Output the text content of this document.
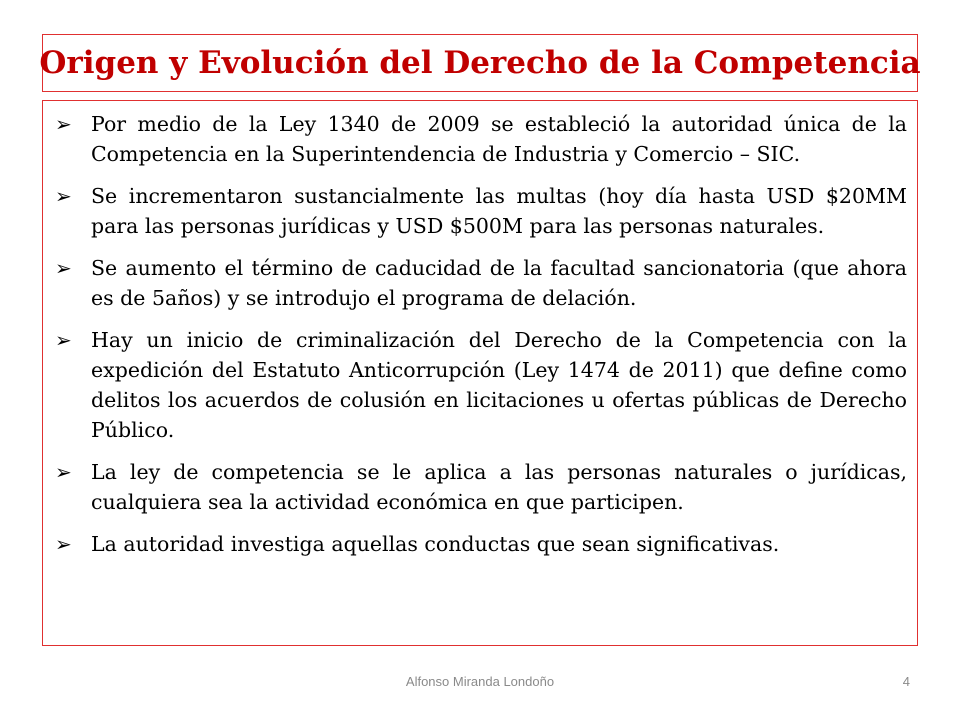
Origen y Evolución del Derecho de la Competencia
➢ Por medio de la Ley 1340 de 2009 se estableció la autoridad única de la Competencia en la Superintendencia de Industria y Comercio – SIC.
➢ Se incrementaron sustancialmente las multas (hoy día hasta USD $20MM para las personas jurídicas y USD $500M para las personas naturales.
➢ Se aumento el término de caducidad de la facultad sancionatoria (que ahora es de 5años) y se introdujo el programa de delación.
➢ Hay un inicio de criminalización del Derecho de la Competencia con la expedición del Estatuto Anticorrupción (Ley 1474 de 2011) que define como delitos los acuerdos de colusión en licitaciones u ofertas públicas de Derecho Público.
➢ La ley de competencia se le aplica a las personas naturales o jurídicas, cualquiera sea la actividad económica en que participen.
➢ La autoridad investiga aquellas conductas que sean significativas.
Alfonso Miranda Londoño	4
